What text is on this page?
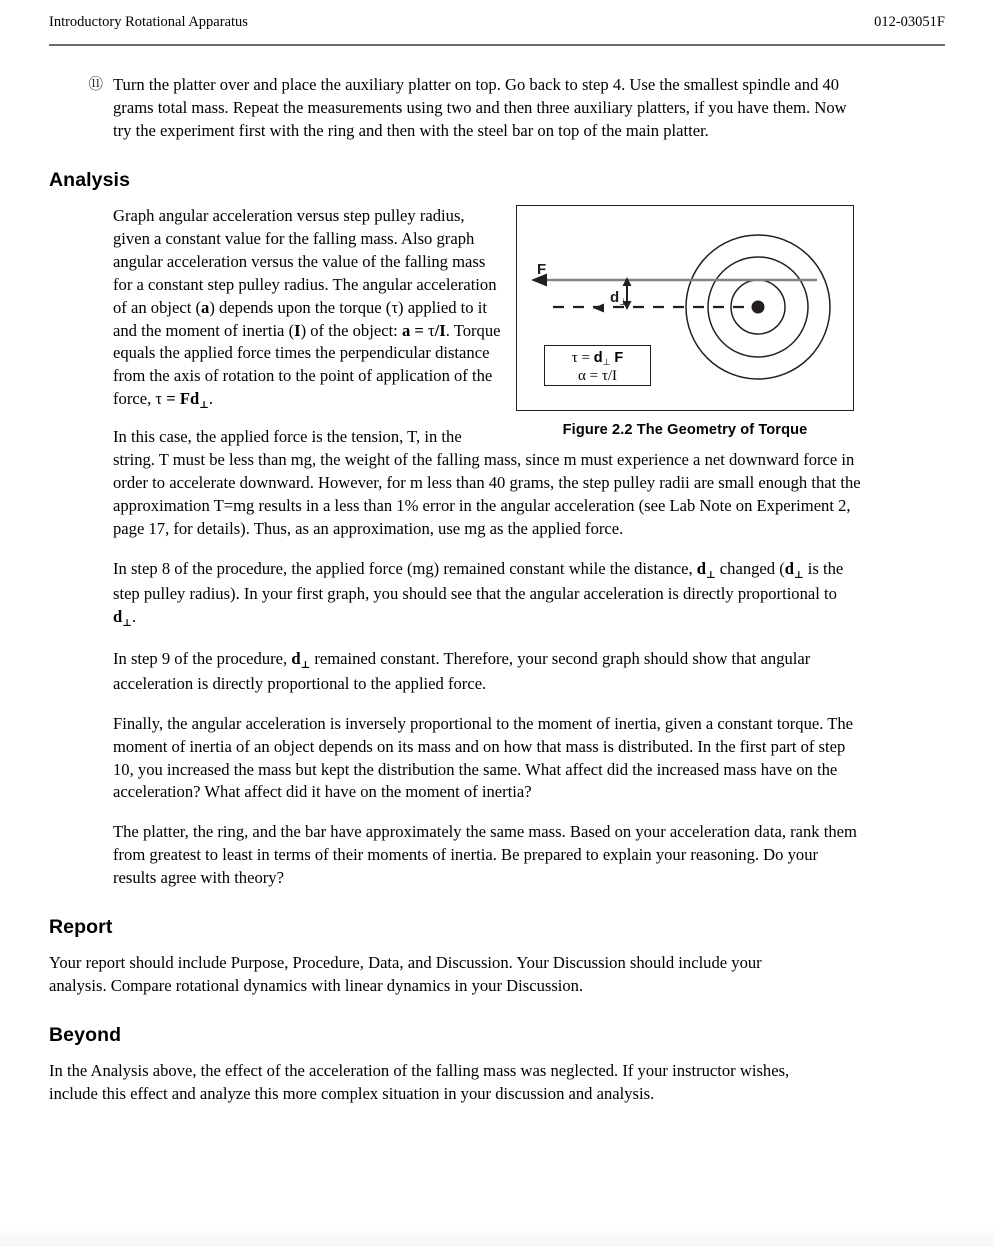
Introductory Rotational Apparatus	012-03051F
⑪ Turn the platter over and place the auxiliary platter on top. Go back to step 4. Use the smallest spindle and 40 grams total mass. Repeat the measurements using two and then three auxiliary platters, if you have them. Now try the experiment first with the ring and then with the steel bar on top of the main platter.
Analysis
F
$d_\perp$
$\tau = d_\perp$ F
α = τ/I
Figure 2.2 The Geometry of Torque

Graph angular acceleration versus step pulley radius, given a constant value for the falling mass. Also graph angular acceleration versus the value of the falling mass for a constant step pulley radius. The angular acceleration of an object (a) depends upon the torque (τ) applied to it and the moment of inertia (I) of the object: a = τ/I. Torque equals the applied force times the perpendicular distance from the axis of rotation to the point of application of the force, $\tau = Fd_\perp$.

In this case, the applied force is the tension, T, in the string. T must be less than mg, the weight of the falling mass, since m must experience a net downward force in order to accelerate downward. However, for m less than 40 grams, the step pulley radii are small enough that the approximation T=mg results in a less than 1% error in the angular acceleration (see Lab Note on Experiment 2, page 17, for details). Thus, as an approximation, use mg as the applied force.

In step 8 of the procedure, the applied force (mg) remained constant while the distance, $d_\perp$ changed ($d_\perp$ is the step pulley radius). In your first graph, you should see that the angular acceleration is directly proportional to $d_\perp$.

In step 9 of the procedure, $d_\perp$ remained constant. Therefore, your second graph should show that angular acceleration is directly proportional to the applied force.

Finally, the angular acceleration is inversely proportional to the moment of inertia, given a constant torque. The moment of inertia of an object depends on its mass and on how that mass is distributed. In the first part of step 10, you increased the mass but kept the distribution the same. What affect did the increased mass have on the acceleration? What affect did it have on the moment of inertia?

The platter, the ring, and the bar have approximately the same mass. Based on your acceleration data, rank them from greatest to least in terms of their moments of inertia. Be prepared to explain your reasoning. Do your results agree with theory?

Report

Your report should include Purpose, Procedure, Data, and Discussion. Your Discussion should include your analysis. Compare rotational dynamics with linear dynamics in your Discussion.

Beyond

In the Analysis above, the effect of the acceleration of the falling mass was neglected. If your instructor wishes, include this effect and analyze this more complex situation in your discussion and analysis.
